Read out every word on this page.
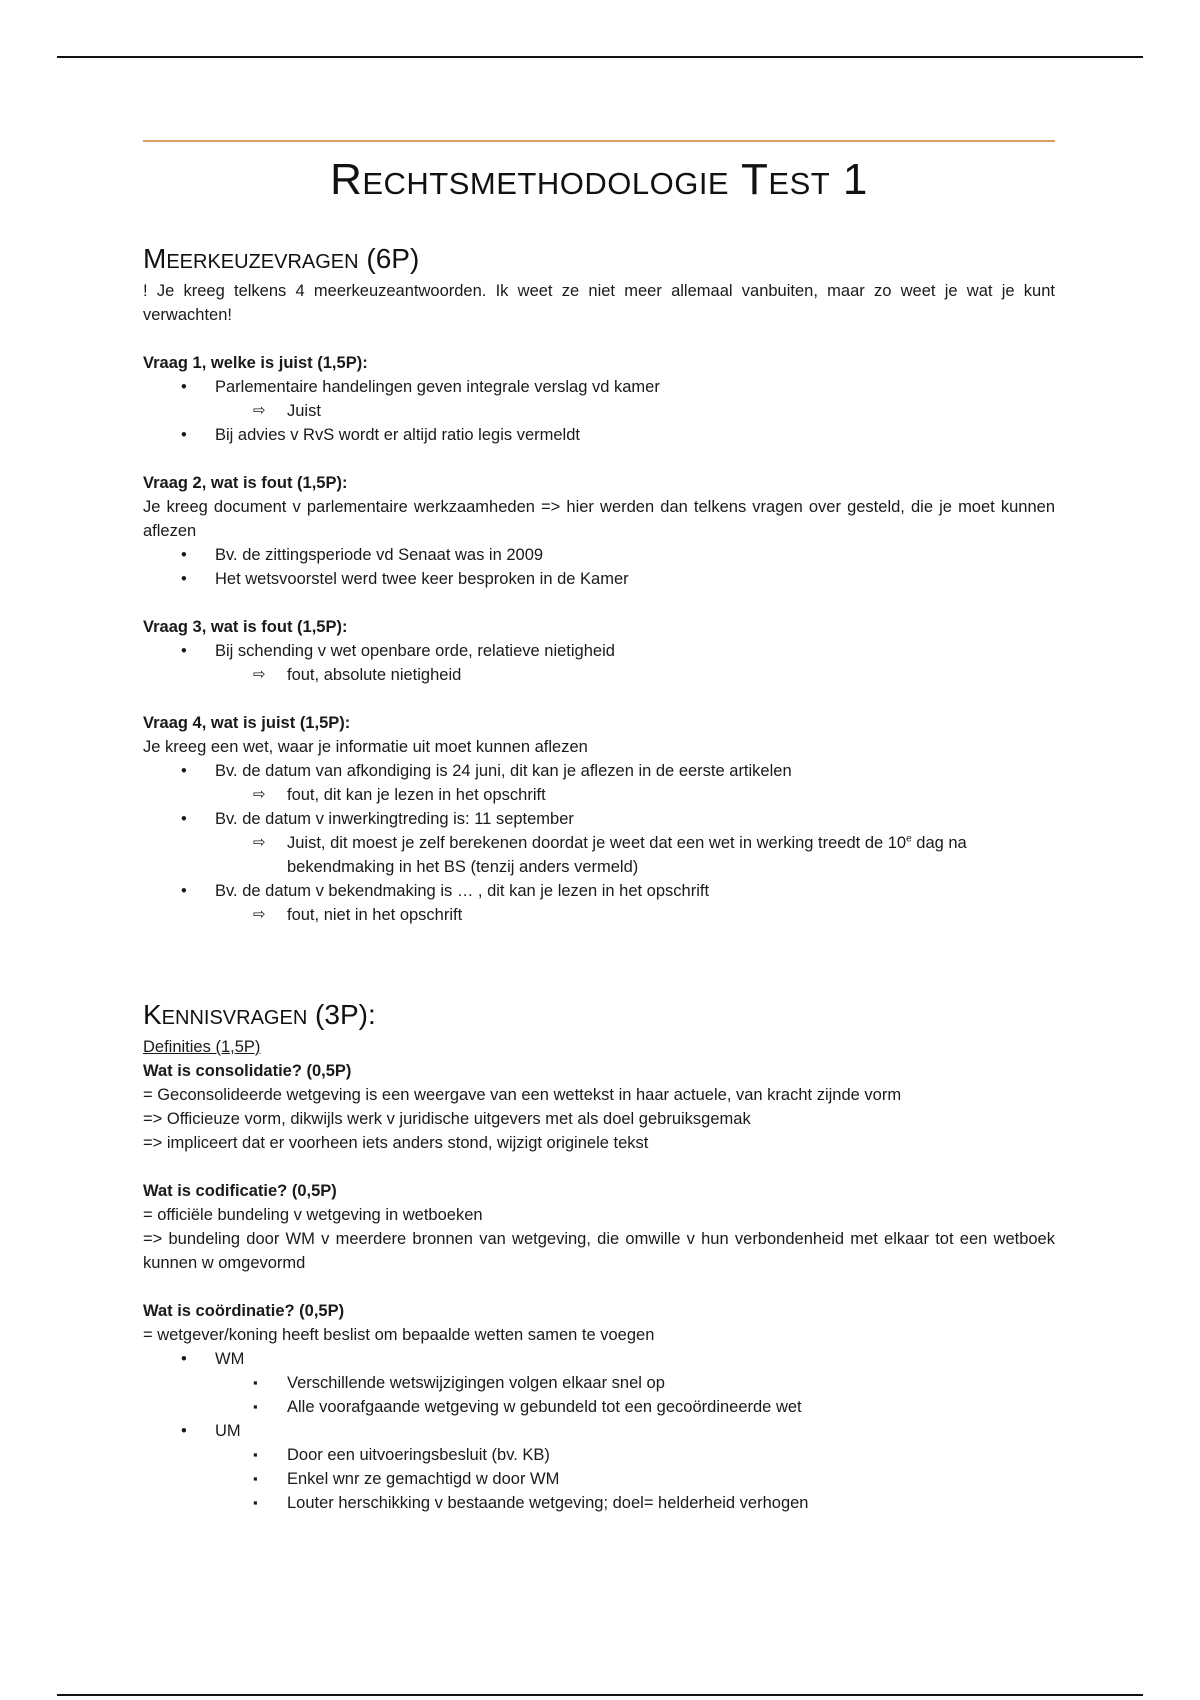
Rechtsmethodologie Test 1
Meerkeuzevragen (6P)

! Je kreeg telkens 4 meerkeuzeantwoorden. Ik weet ze niet meer allemaal vanbuiten, maar zo weet je wat je kunt verwachten!

Vraag 1, welke is juist (1,5P):

• Parlementaire handelingen geven integrale verslag vd kamer
⇨ Juist
• Bij advies v RvS wordt er altijd ratio legis vermeldt

Vraag 2, wat is fout (1,5P):

Je kreeg document v parlementaire werkzaamheden => hier werden dan telkens vragen over gesteld, die je moet kunnen aflezen

• Bv. de zittingsperiode vd Senaat was in 2009
• Het wetsvoorstel werd twee keer besproken in de Kamer

Vraag 3, wat is fout (1,5P):

• Bij schending v wet openbare orde, relatieve nietigheid
⇨ fout, absolute nietigheid

Vraag 4, wat is juist (1,5P):

Je kreeg een wet, waar je informatie uit moet kunnen aflezen

• Bv. de datum van afkondiging is 24 juni, dit kan je aflezen in de eerste artikelen
⇨ fout, dit kan je lezen in het opschrift
• Bv. de datum v inwerkingtreding is: 11 september
⇨ Juist, dit moest je zelf berekenen doordat je weet dat een wet in werking treedt de 10e dag na bekendmaking in het BS (tenzij anders vermeld)
• Bv. de datum v bekendmaking is … , dit kan je lezen in het opschrift
⇨ fout, niet in het opschrift
Kennisvragen (3P):

Definities (1,5P)

Wat is consolidatie? (0,5P)

= Geconsolideerde wetgeving is een weergave van een wettekst in haar actuele, van kracht zijnde vorm

=> Officieuze vorm, dikwijls werk v juridische uitgevers met als doel gebruiksgemak

=> impliceert dat er voorheen iets anders stond, wijzigt originele tekst

Wat is codificatie? (0,5P)

= officiële bundeling v wetgeving in wetboeken

=> bundeling door WM v meerdere bronnen van wetgeving, die omwille v hun verbondenheid met elkaar tot een wetboek kunnen w omgevormd

Wat is coördinatie? (0,5P)

= wetgever/koning heeft beslist om bepaalde wetten samen te voegen

• WM
▪ Verschillende wetswijzigingen volgen elkaar snel op
▪ Alle voorafgaande wetgeving w gebundeld tot een gecoördineerde wet
• UM
▪ Door een uitvoeringsbesluit (bv. KB)
▪ Enkel wnr ze gemachtigd w door WM
▪ Louter herschikking v bestaande wetgeving; doel= helderheid verhogen
